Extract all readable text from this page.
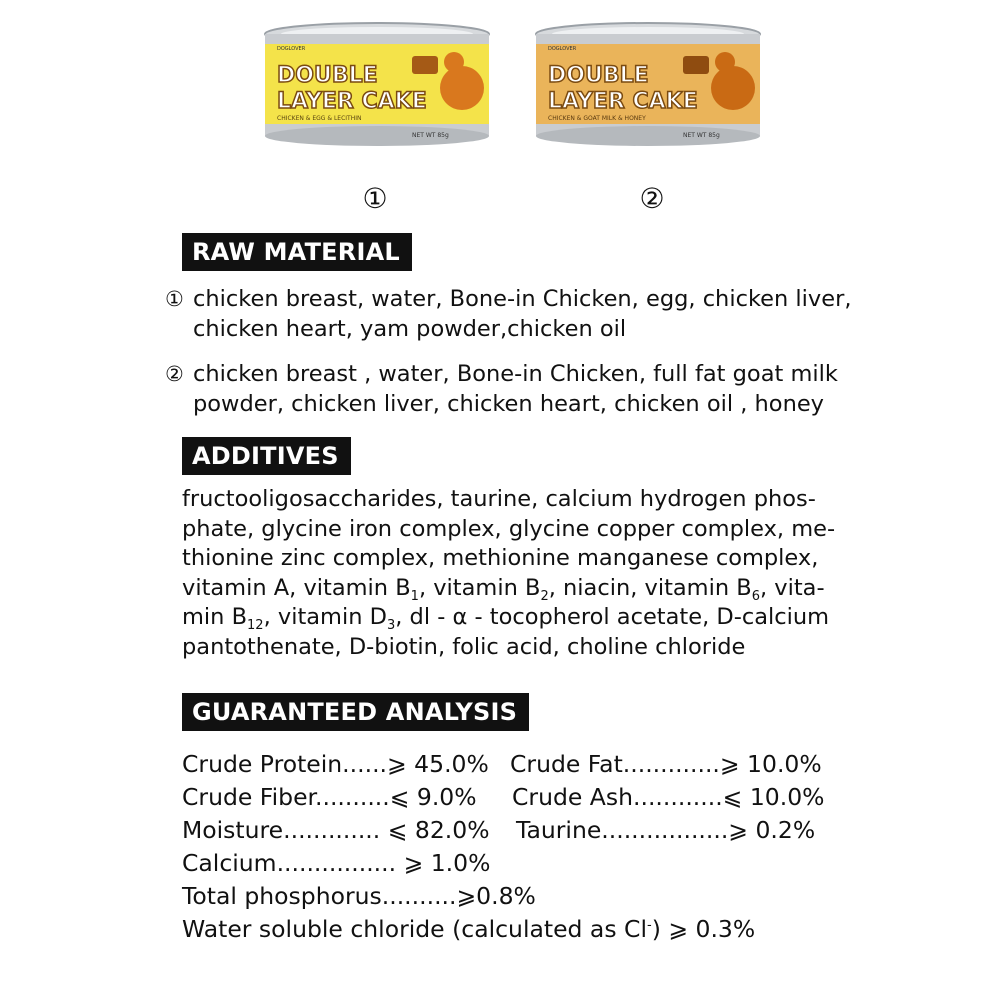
DOUBLE
LAYER CAKE
CHICKEN & EGG & LECITHIN
NET WT 85g
DOGLOVER
DOUBLE
LAYER CAKE
CHICKEN & GOAT MILK & HONEY
NET WT 85g
DOGLOVER
①	②
RAW MATERIAL
① chicken breast, water, Bone-in Chicken, egg, chicken liver,
chicken heart, yam powder,chicken oil
② chicken breast , water, Bone-in Chicken, full fat goat milk
powder, chicken liver, chicken heart, chicken oil , honey
ADDITIVES
fructooligosaccharides, taurine, calcium hydrogen phos-
phate, glycine iron complex, glycine copper complex, me-
thionine zinc complex, methionine manganese complex,
vitamin A, vitamin $B_1$, vitamin $B_2$, niacin, vitamin $B_6$, vita-
$\min B_{12}$, vitamin $D_3$, dl - α - tocopherol acetate, D-calcium
pantothenate, D-biotin, folic acid, choline chloride
GUARANTEED ANALYSIS
Crude Protein......⩾ 45.0% Crude Fat.............⩾ 10.0%
Crude Fiber..........⩽ 9.0% Crude Ash............⩽ 10.0%
Moisture............. ⩽ 82.0% Taurine.................⩾ 0.2%
Calcium................ ⩾ 1.0%
Total phosphorus..........⩾0.8%
Water soluble chloride (calculated as Cl-) ⩾ 0.3%
